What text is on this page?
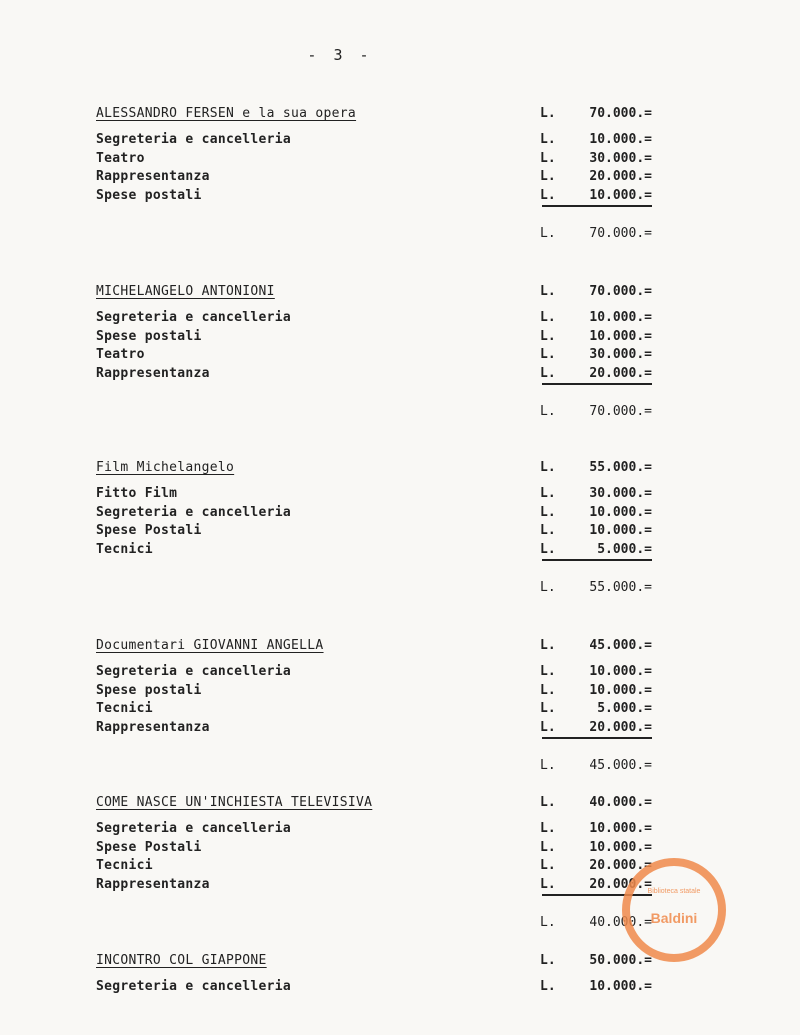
- 3 -
ALESSANDRO FERSEN e la sua opera	L.	70.000.=
Segreteria e cancelleria	L.	10.000.=
Teatro	L.	30.000.=
Rappresentanza	L.	20.000.=
Spese postali	L.	10.000.=
L.	70.000.=
MICHELANGELO ANTONIONI	L.	70.000.=
Segreteria e cancelleria	L.	10.000.=
Spese postali	L.	10.000.=
Teatro	L.	30.000.=
Rappresentanza	L.	20.000.=
L.	70.000.=
Film Michelangelo	L.	55.000.=
Fitto Film	L.	30.000.=
Segreteria e cancelleria	L.	10.000.=
Spese Postali	L.	10.000.=
Tecnici	L.	5.000.=
L.	55.000.=
Documentari GIOVANNI ANGELLA	L.	45.000.=
Segreteria e cancelleria	L.	10.000.=
Spese postali	L.	10.000.=
Tecnici	L.	5.000.=
Rappresentanza	L.	20.000.=
L.	45.000.=
COME NASCE UN'INCHIESTA TELEVISIVA	L.	40.000.=
Segreteria e cancelleria	L.	10.000.=
Spese Postali	L.	10.000.=
Tecnici	L.	20.000.=
Rappresentanza	L.	20.000.=
L.	40.000.=
INCONTRO COL GIAPPONE	L.	50.000.=
Segreteria e cancelleria	L.	10.000.=
Biblioteca statale
Baldini
